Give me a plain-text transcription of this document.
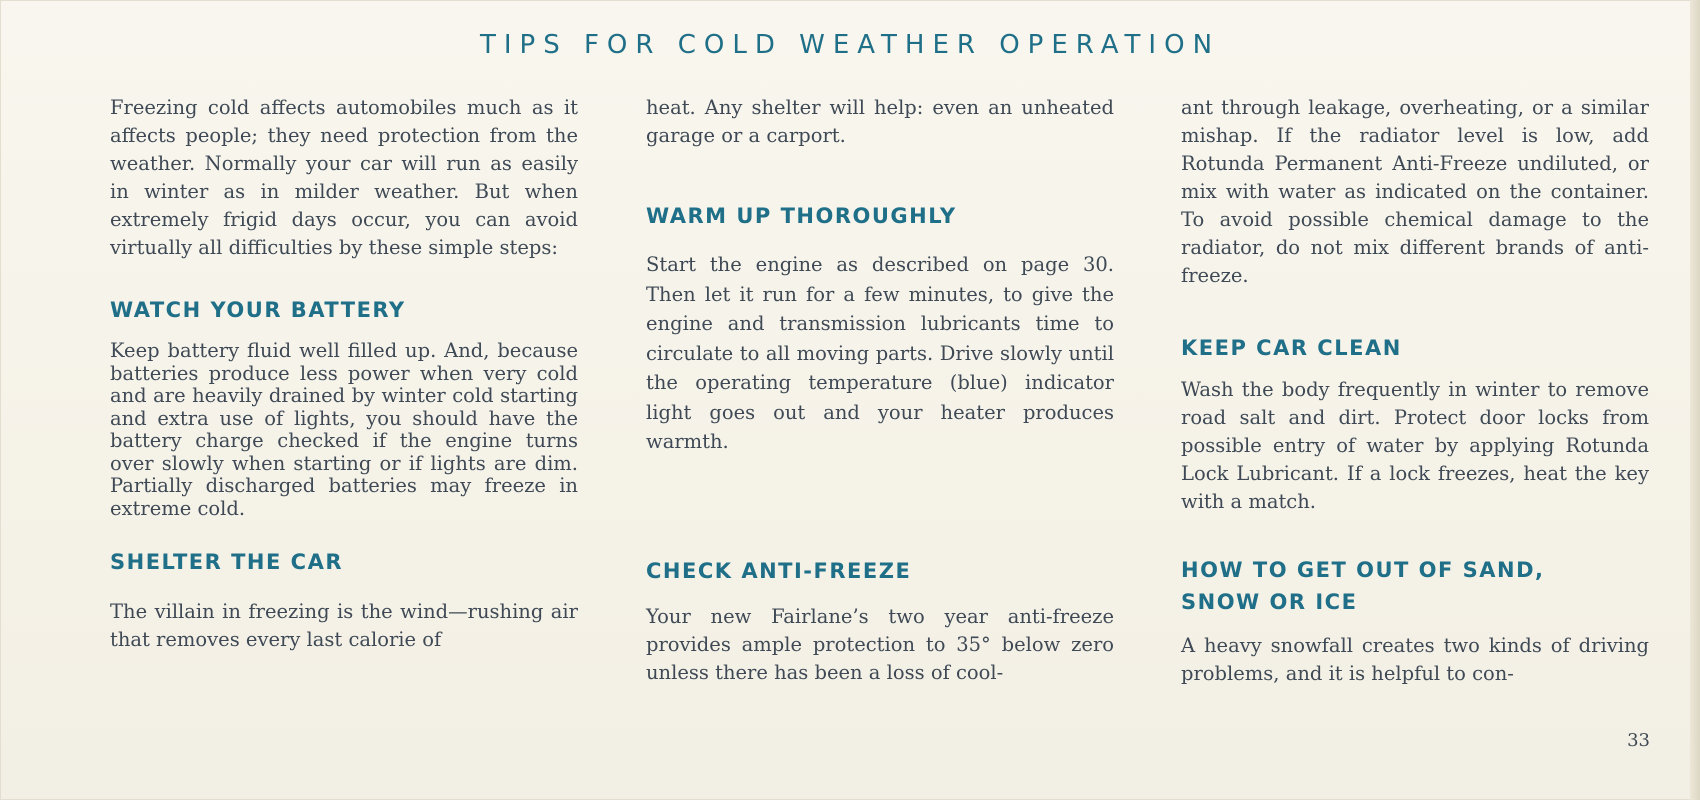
TIPS FOR COLD WEATHER OPERATION

Freezing cold affects automobiles much as it affects people; they need protection from the weather. Normally your car will run as easily in winter as in milder weather. But when extremely frigid days occur, you can avoid virtually all difficulties by these simple steps:

WATCH YOUR BATTERY

Keep battery fluid well filled up. And, because batteries produce less power when very cold and are heavily drained by winter cold starting and extra use of lights, you should have the battery charge checked if the engine turns over slowly when starting or if lights are dim. Partially discharged batteries may freeze in extreme cold.

SHELTER THE CAR

The villain in freezing is the wind—rushing air that removes every last calorie of

heat. Any shelter will help: even an unheated garage or a carport.

WARM UP THOROUGHLY

Start the engine as described on page 30. Then let it run for a few minutes, to give the engine and transmission lubricants time to circulate to all moving parts. Drive slowly until the operating temperature (blue) indicator light goes out and your heater produces warmth.

CHECK ANTI-FREEZE

Your new Fairlane’s two year anti-freeze provides ample protection to 35° below zero unless there has been a loss of cool-

ant through leakage, overheating, or a similar mishap. If the radiator level is low, add Rotunda Permanent Anti-Freeze undiluted, or mix with water as indicated on the container. To avoid possible chemical damage to the radiator, do not mix different brands of anti-freeze.

KEEP CAR CLEAN

Wash the body frequently in winter to remove road salt and dirt. Protect door locks from possible entry of water by applying Rotunda Lock Lubricant. If a lock freezes, heat the key with a match.

HOW TO GET OUT OF SAND,
SNOW OR ICE

A heavy snowfall creates two kinds of driving problems, and it is helpful to con-

33
